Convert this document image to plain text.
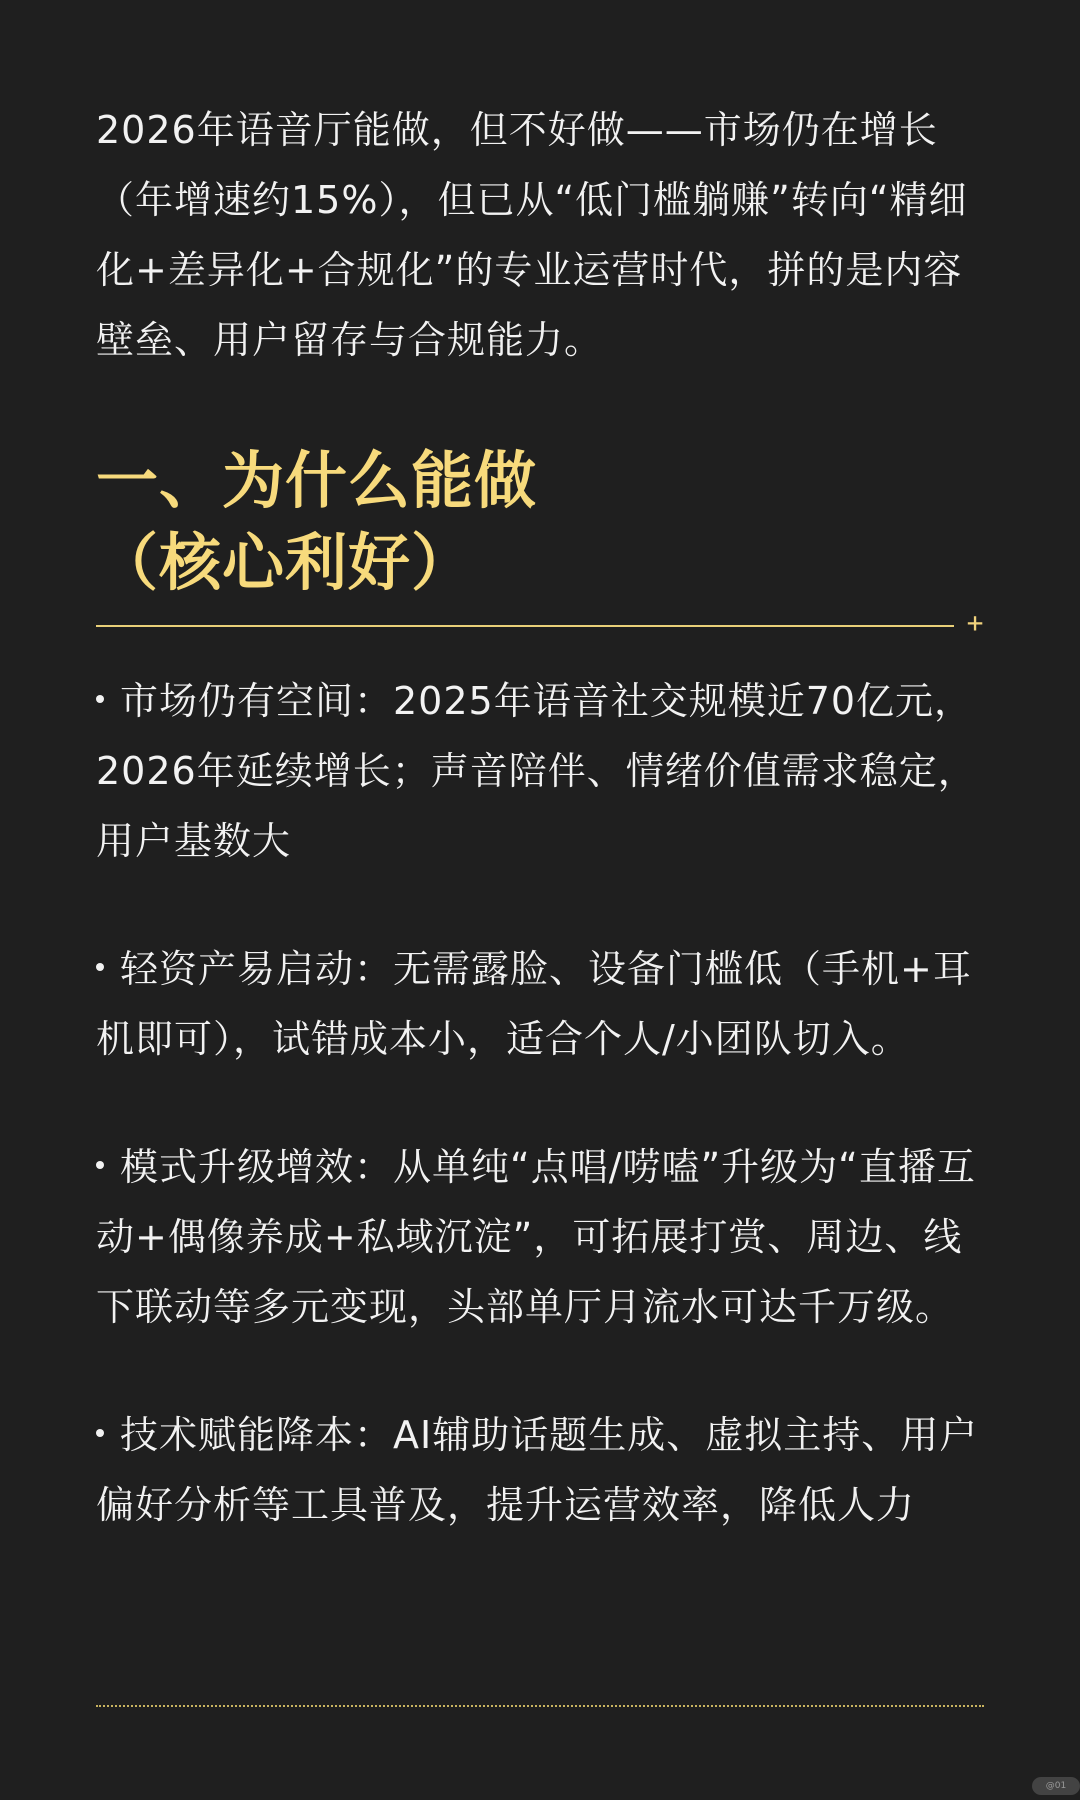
2026年语音厅能做，但不好做——市场仍在增长（年增速约15%），但已从“低门槛躺赚”转向“精细化+差异化+合规化”的专业运营时代，拼的是内容壁垒、用户留存与合规能力。

一、为什么能做
（核心利好）
+
市场仍有空间：2025年语音社交规模近70亿元，2026年延续增长；声音陪伴、情绪价值需求稳定，用户基数大
轻资产易启动：无需露脸、设备门槛低（手机+耳机即可），试错成本小，适合个人/小团队切入。
模式升级增效：从单纯“点唱/唠嗑”升级为“直播互动+偶像养成+私域沉淀”，可拓展打赏、周边、线下联动等多元变现，头部单厅月流水可达千万级。
技术赋能降本：AI辅助话题生成、虚拟主持、用户偏好分析等工具普及，提升运营效率，降低人力
@01
